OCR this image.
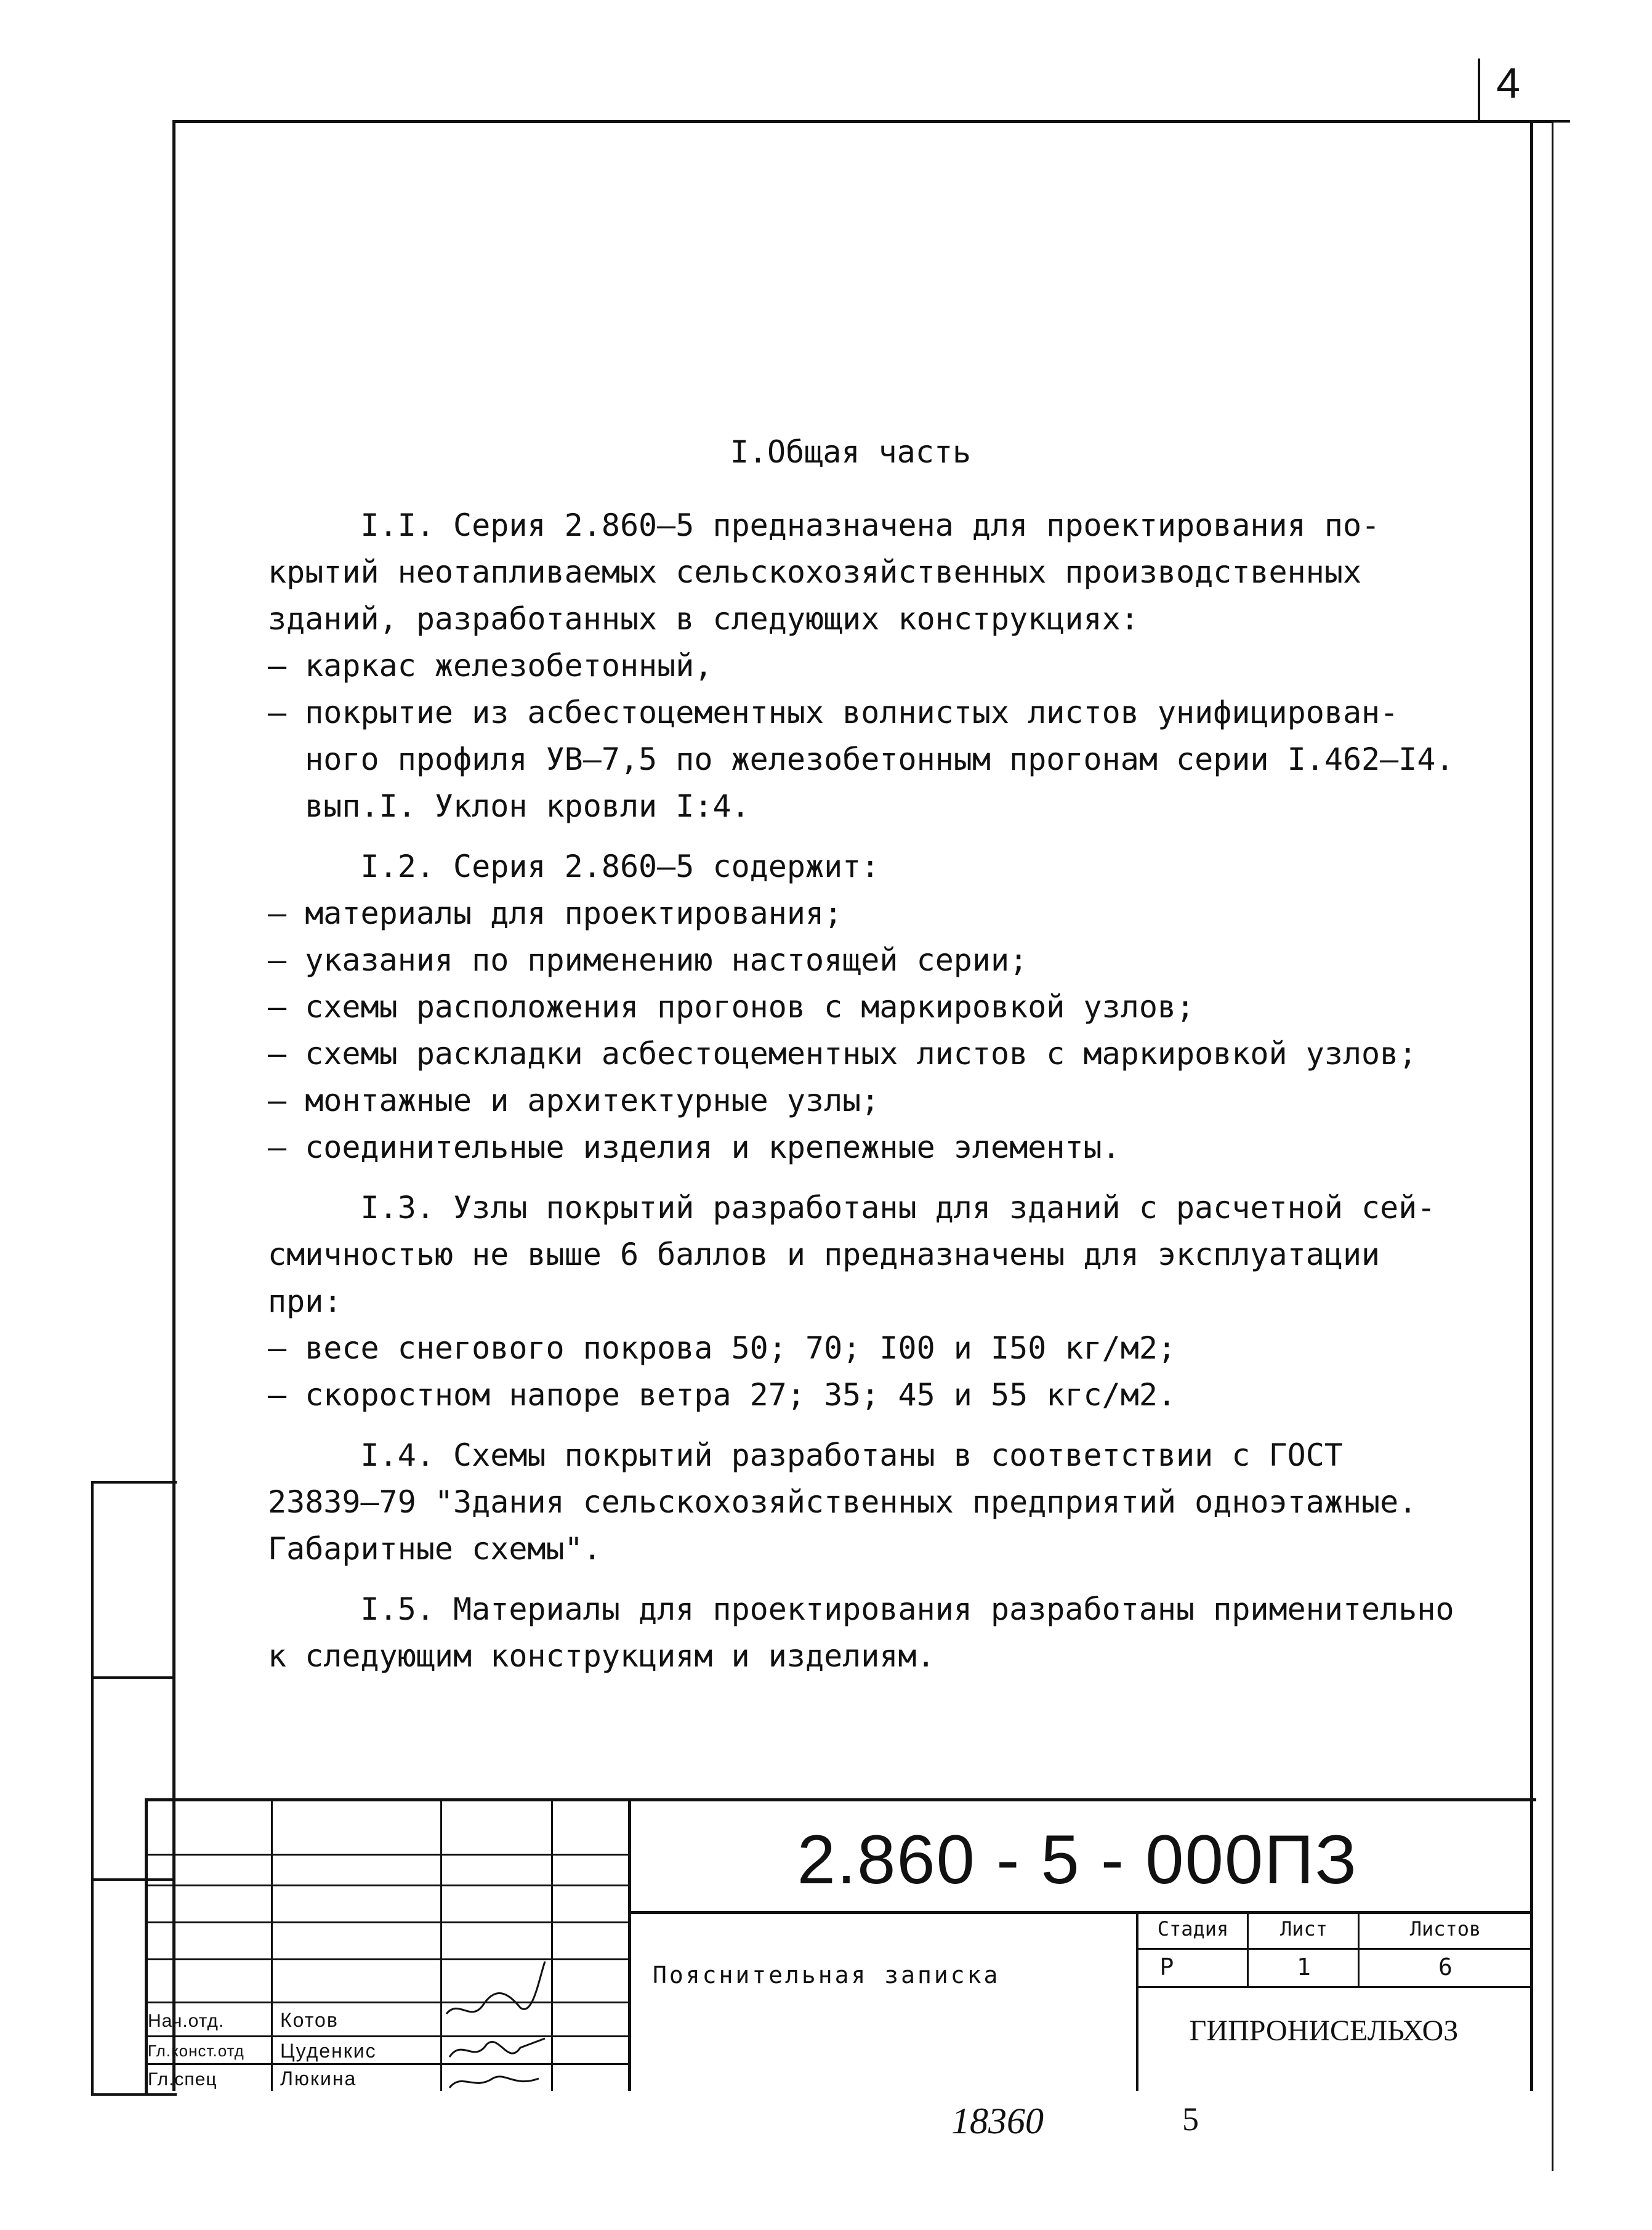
4
I.Общая часть

I.I. Серия 2.860–5 предназначена для проектирования по-

крытий неотапливаемых сельскохозяйственных производственных

зданий, разработанных в следующих конструкциях:

– каркас железобетонный,

– покрытие из асбестоцементных волнистых листов унифицирован-

ного профиля УВ–7,5 по железобетонным прогонам серии I.462–I4.

вып.I. Уклон кровли I:4.

I.2. Серия 2.860–5 содержит:

– материалы для проектирования;

– указания по применению настоящей серии;

– схемы расположения прогонов с маркировкой узлов;

– схемы раскладки асбестоцементных листов с маркировкой узлов;

– монтажные и архитектурные узлы;

– соединительные изделия и крепежные элементы.

I.3. Узлы покрытий разработаны для зданий с расчетной сей-

смичностью не выше 6 баллов и предназначены для эксплуатации

при:

– весе снегового покрова 50; 70; I00 и I50 кг/м2;

– скоростном напоре ветра 27; 35; 45 и 55 кгс/м2.

I.4. Схемы покрытий разработаны в соответствии с ГОСТ

23839–79 "Здания сельскохозяйственных предприятий одноэтажные.

Габаритные схемы".

I.5. Материалы для проектирования разработаны применительно

к следующим конструкциям и изделиям.

2.860 - 5 - 000ПЗ
Стадия	Лист	Листов
Р	1	6
Пояснительная записка
ГИПРОНИСЕЛЬХОЗ
Нач.отд.	Котов
Гл.конст.отд Цуденкис
Гл.спец	Люкина
18360	5
